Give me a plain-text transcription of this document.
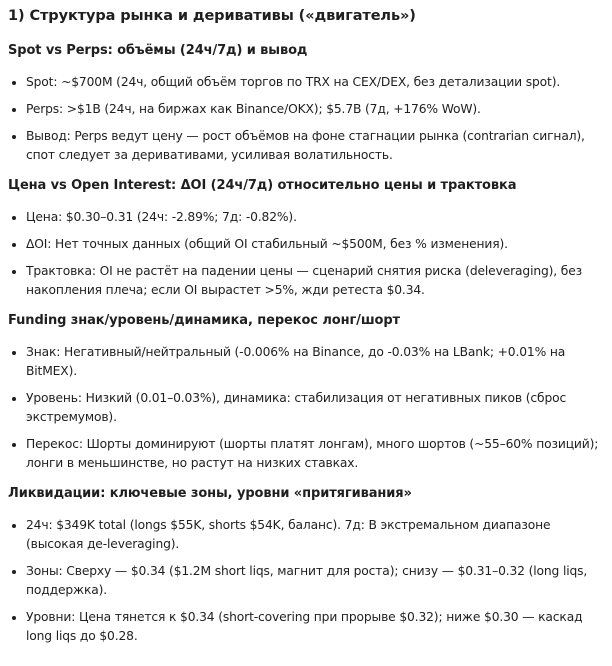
1) Структура рынка и деривативы («двигатель»)
Spot vs Perps: объёмы (24ч/7д) и вывод
Spot: ~$700M (24ч, общий объём торгов по TRX на CEX/DEX, без детализации spot).
Perps: >$1B (24ч, на биржах как Binance/OKX); $5.7B (7д, +176% WoW).
Вывод: Perps ведут цену — рост объёмов на фоне стагнации рынка (contrarian сигнал), спот следует за деривативами, усиливая волатильность.
Цена vs Open Interest: ΔOI (24ч/7д) относительно цены и трактовка
Цена: $0.30–0.31 (24ч: -2.89%; 7д: -0.82%).
ΔOI: Нет точных данных (общий OI стабильный ~$500M, без % изменения).
Трактовка: OI не растёт на падении цены — сценарий снятия риска (deleveraging), без накопления плеча; если OI вырастет >5%, жди ретеста $0.34.
Funding знак/уровень/динамика, перекос лонг/шорт
Знак: Негативный/нейтральный (-0.006% на Binance, до -0.03% на LBank; +0.01% на BitMEX).
Уровень: Низкий (0.01–0.03%), динамика: стабилизация от негативных пиков (сброс экстремумов).
Перекос: Шорты доминируют (шорты платят лонгам), много шортов (~55–60% позиций); лонги в меньшинстве, но растут на низких ставках.
Ликвидации: ключевые зоны, уровни «притягивания»
24ч: $349K total (longs $55K, shorts $54K, баланс). 7д: В экстремальном диапазоне (высокая де-leveraging).
Зоны: Сверху — $0.34 ($1.2M short liqs, магнит для роста); снизу — $0.31–0.32 (long liqs, поддержка).
Уровни: Цена тянется к $0.34 (short-covering при прорыве $0.32); ниже $0.30 — каскад long liqs до $0.28.
